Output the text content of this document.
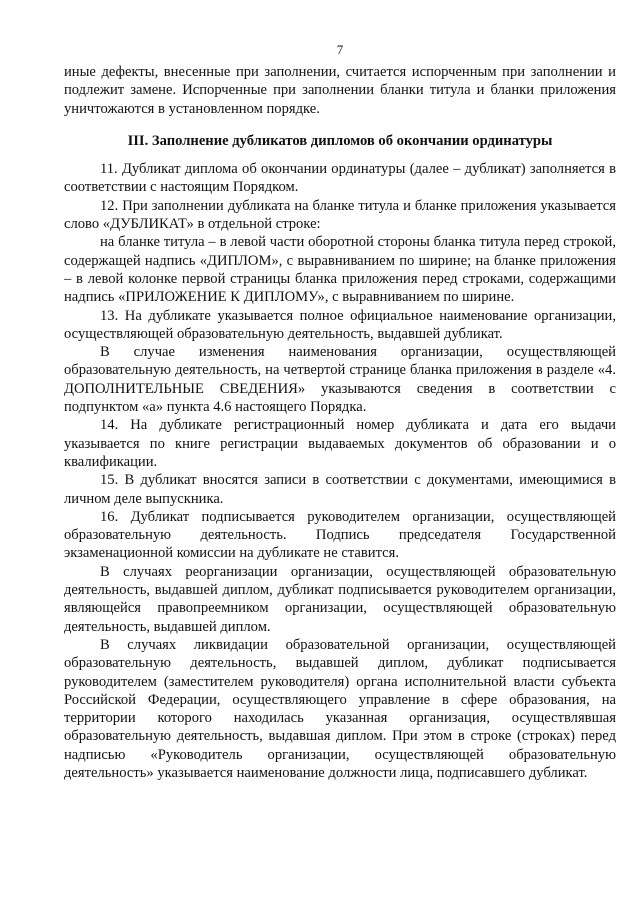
7

иные дефекты, внесенные при заполнении, считается испорченным при заполнении и подлежит замене. Испорченные при заполнении бланки титула и бланки приложения уничтожаются в установленном порядке.

III. Заполнение дубликатов дипломов об окончании ординатуры

11. Дубликат диплома об окончании ординатуры (далее – дубликат) заполняется в соответствии с настоящим Порядком.

12. При заполнении дубликата на бланке титула и бланке приложения указывается слово «ДУБЛИКАТ» в отдельной строке:

на бланке титула – в левой части оборотной стороны бланка титула перед строкой, содержащей надпись «ДИПЛОМ», с выравниванием по ширине; на бланке приложения – в левой колонке первой страницы бланка приложения перед строками, содержащими надпись «ПРИЛОЖЕНИЕ К ДИПЛОМУ», с выравниванием по ширине.

13. На дубликате указывается полное официальное наименование организации, осуществляющей образовательную деятельность, выдавшей дубликат.

В случае изменения наименования организации, осуществляющей образовательную деятельность, на четвертой странице бланка приложения в разделе «4. ДОПОЛНИТЕЛЬНЫЕ СВЕДЕНИЯ» указываются сведения в соответствии с подпунктом «а» пункта 4.6 настоящего Порядка.

14. На дубликате регистрационный номер дубликата и дата его выдачи указывается по книге регистрации выдаваемых документов об образовании и о квалификации.

15. В дубликат вносятся записи в соответствии с документами, имеющимися в личном деле выпускника.

16. Дубликат подписывается руководителем организации, осуществляющей образовательную деятельность. Подпись председателя Государственной экзаменационной комиссии на дубликате не ставится.

В случаях реорганизации организации, осуществляющей образовательную деятельность, выдавшей диплом, дубликат подписывается руководителем организации, являющейся правопреемником организации, осуществляющей образовательную деятельность, выдавшей диплом.

В случаях ликвидации образовательной организации, осуществляющей образовательную деятельность, выдавшей диплом, дубликат подписывается руководителем (заместителем руководителя) органа исполнительной власти субъекта Российской Федерации, осуществляющего управление в сфере образования, на территории которого находилась указанная организация, осуществлявшая образовательную деятельность, выдавшая диплом. При этом в строке (строках) перед надписью «Руководитель организации, осуществляющей образовательную деятельность» указывается наименование должности лица, подписавшего дубликат.
